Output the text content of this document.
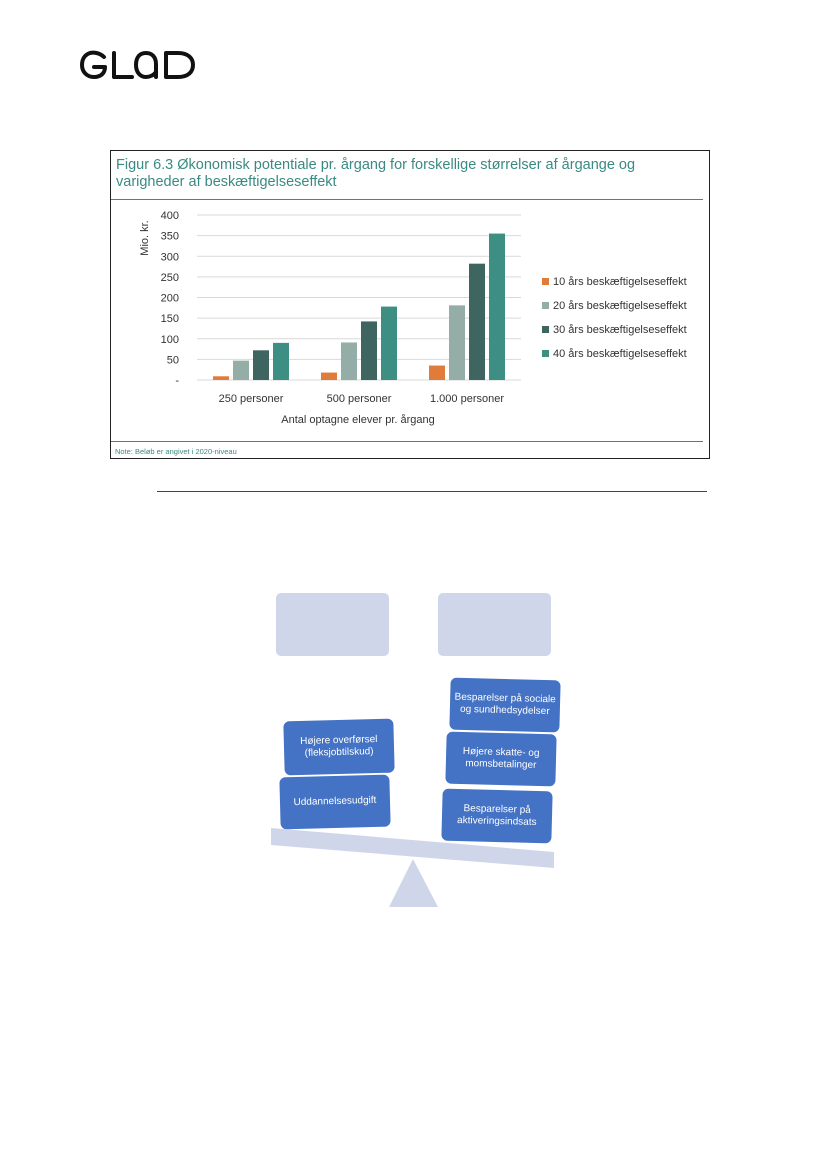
Figur 6.3 Økonomisk potentiale pr. årgang for forskellige størrelser af årgange og varigheder af beskæftigelseseffekt
-
50
100
150
200
250
300
350
400
250 personer	500 personer	1.000 personer
Mio. kr.
Antal optagne elever pr. årgang
10 års beskæftigelseseffekt
20 års beskæftigelseseffekt
30 års beskæftigelseseffekt
40 års beskæftigelseseffekt
Note: Beløb er angivet i 2020-niveau
Højere overførsel (fleksjobtilskud)
Uddannelsesudgift
Besparelser på sociale og sundhedsydelser
Højere skatte- og momsbetalinger
Besparelser på aktiveringsindsats
